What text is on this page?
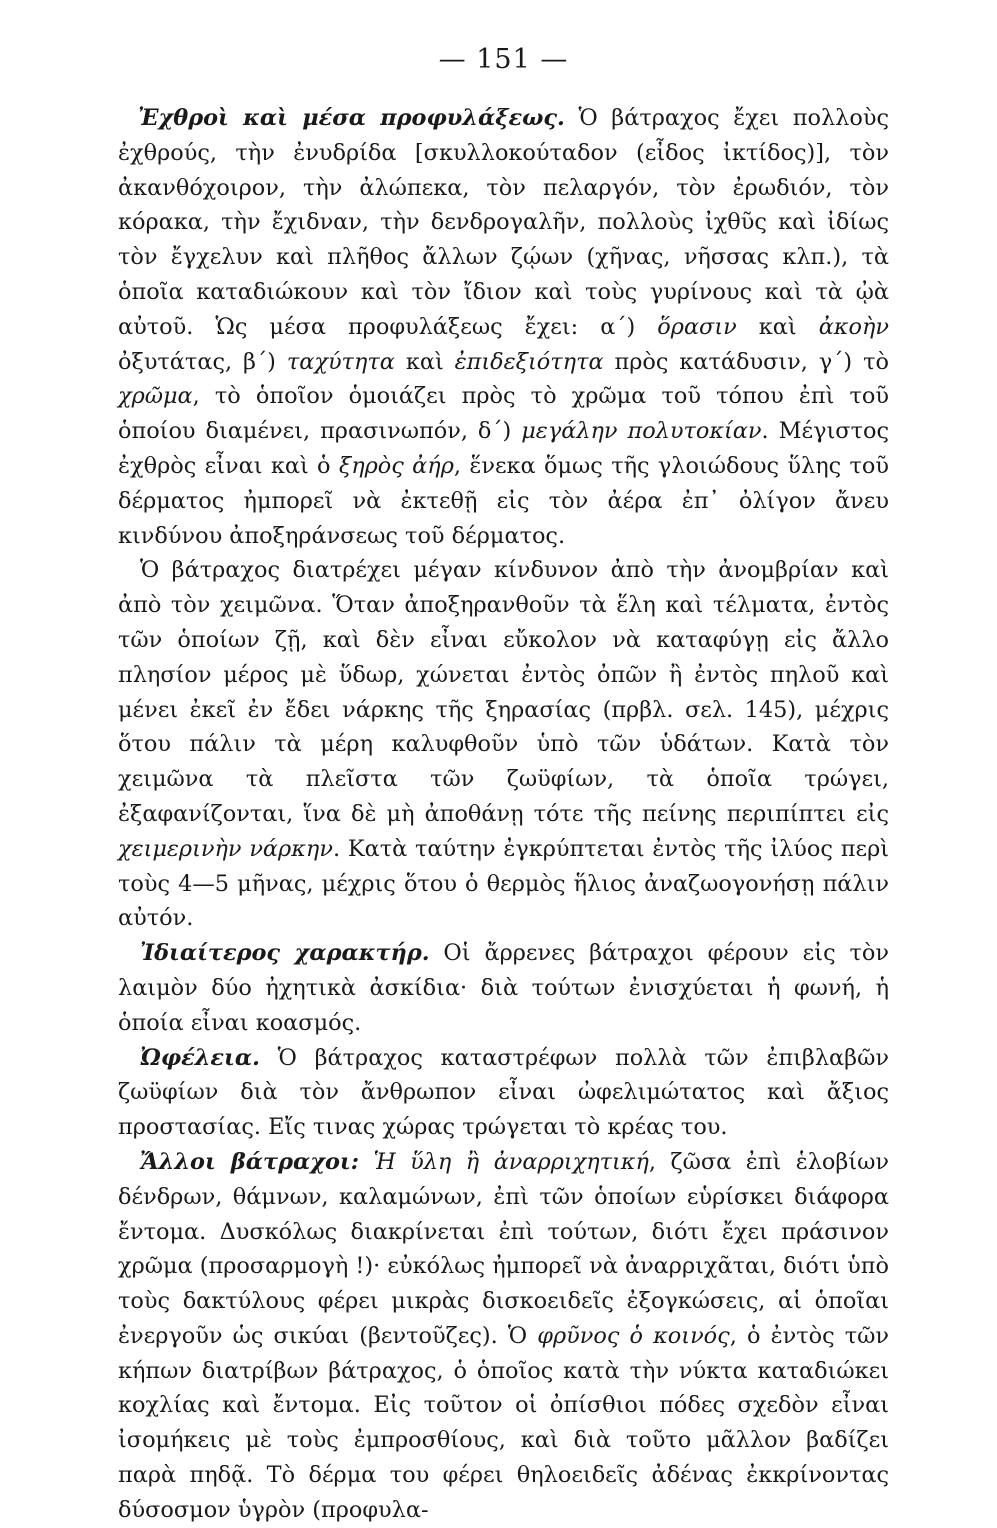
— 151 —

Ἐχθροὶ καὶ μέσα προφυλάξεως. Ὁ βάτραχος ἔχει πολλοὺς ἐχθρούς, τὴν ἐνυδρίδα [σκυλλοκούταδον (εἶδος ἰκτίδος)], τὸν ἀκανθόχοιρον, τὴν ἀλώπεκα, τὸν πελαργόν, τὸν ἐρωδιόν, τὸν κόρακα, τὴν ἔχιδναν, τὴν δενδρογαλῆν, πολλοὺς ἰχθῦς καὶ ἰδίως τὸν ἔγχελυν καὶ πλῆθος ἄλλων ζῴων (χῆνας, νῆσσας κλπ.), τὰ ὁποῖα καταδιώκουν καὶ τὸν ἴδιον καὶ τοὺς γυρίνους καὶ τὰ ᾠὰ αὐτοῦ. Ὡς μέσα προφυλάξεως ἔχει: α΄) ὅρασιν καὶ ἀκοὴν ὀξυτάτας, β΄) ταχύτητα καὶ ἐπιδεξιότητα πρὸς κατάδυσιν, γ΄) τὸ χρῶμα, τὸ ὁποῖον ὁμοιάζει πρὸς τὸ χρῶμα τοῦ τόπου ἐπὶ τοῦ ὁποίου διαμένει, πρασινωπόν, δ΄) μεγάλην πολυτοκίαν. Μέγιστος ἐχθρὸς εἶναι καὶ ὁ ξηρὸς ἀήρ, ἕνεκα ὅμως τῆς γλοιώδους ὕλης τοῦ δέρματος ἠμπορεῖ νὰ ἐκτεθῇ εἰς τὸν ἀέρα ἐπ᾽ ὀλίγον ἄνευ κινδύνου ἀποξηράνσεως τοῦ δέρματος.

Ὁ βάτραχος διατρέχει μέγαν κίνδυνον ἀπὸ τὴν ἀνομβρίαν καὶ ἀπὸ τὸν χειμῶνα. Ὅταν ἀποξηρανθοῦν τὰ ἕλη καὶ τέλματα, ἐντὸς τῶν ὁποίων ζῇ, καὶ δὲν εἶναι εὔκολον νὰ καταφύγῃ εἰς ἄλλο πλησίον μέρος μὲ ὕδωρ, χώνεται ἐντὸς ὀπῶν ἢ ἐντὸς πηλοῦ καὶ μένει ἐκεῖ ἐν ἔδει νάρκης τῆς ξηρασίας (πρβλ. σελ. 145), μέχρις ὅτου πάλιν τὰ μέρη καλυφθοῦν ὑπὸ τῶν ὑδάτων. Κατὰ τὸν χειμῶνα τὰ πλεῖστα τῶν ζωϋφίων, τὰ ὁποῖα τρώγει, ἐξαφανίζονται, ἵνα δὲ μὴ ἀποθάνῃ τότε τῆς πείνης περιπίπτει εἰς χειμερινὴν νάρκην. Κατὰ ταύτην ἐγκρύπτεται ἐντὸς τῆς ἰλύος περὶ τοὺς 4—5 μῆνας, μέχρις ὅτου ὁ θερμὸς ἥλιος ἀναζωογονήσῃ πάλιν αὐτόν.

Ἰδιαίτερος χαρακτήρ. Οἱ ἄρρενες βάτραχοι φέρουν εἰς τὸν λαιμὸν δύο ἠχητικὰ ἀσκίδια· διὰ τούτων ἐνισχύεται ἡ φωνή, ἡ ὁποία εἶναι κοασμός.

Ὠφέλεια. Ὁ βάτραχος καταστρέφων πολλὰ τῶν ἐπιβλαβῶν ζωϋφίων διὰ τὸν ἄνθρωπον εἶναι ὠφελιμώτατος καὶ ἄξιος προστασίας. Εἴς τινας χώρας τρώγεται τὸ κρέας του.

Ἄλλοι βάτραχοι: Ἡ ὕλη ἢ ἀναρριχητική, ζῶσα ἐπὶ ἑλοβίων δένδρων, θάμνων, καλαμώνων, ἐπὶ τῶν ὁποίων εὑρίσκει διάφορα ἔντομα. Δυσκόλως διακρίνεται ἐπὶ τούτων, διότι ἔχει πράσινον χρῶμα (προσαρμογὴ !)· εὐκόλως ἠμπορεῖ νὰ ἀναρριχᾶται, διότι ὑπὸ τοὺς δακτύλους φέρει μικρὰς δισκοειδεῖς ἐξογκώσεις, αἱ ὁποῖαι ἐνεργοῦν ὡς σικύαι (βεντοῦζες). Ὁ φρῦνος ὁ κοινός, ὁ ἐντὸς τῶν κήπων διατρίβων βάτραχος, ὁ ὁποῖος κατὰ τὴν νύκτα καταδιώκει κοχλίας καὶ ἔντομα. Εἰς τοῦτον οἱ ὀπίσθιοι πόδες σχεδὸν εἶναι ἰσομήκεις μὲ τοὺς ἐμπροσθίους, καὶ διὰ τοῦτο μᾶλλον βαδίζει παρὰ πηδᾷ. Τὸ δέρμα του φέρει θηλοειδεῖς ἀδένας ἐκκρίνοντας δύσοσμον ὑγρὸν (προφυλα-
